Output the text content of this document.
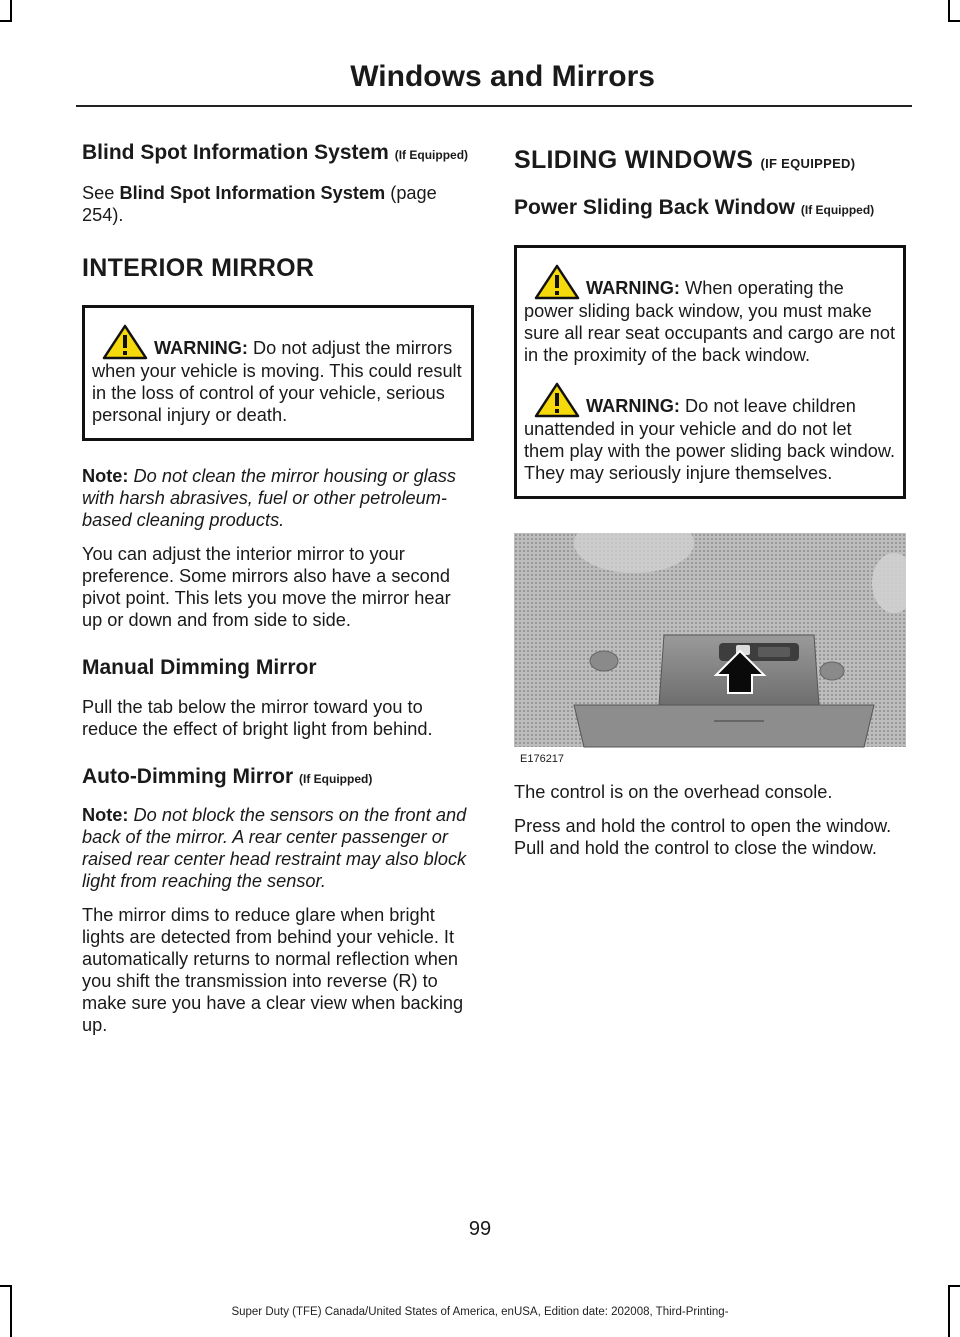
Windows and Mirrors
Blind Spot Information System (If Equipped)

See Blind Spot Information System (page 254).

INTERIOR MIRROR

WARNING: Do not adjust the mirrors when your vehicle is moving. This could result in the loss of control of your vehicle, serious personal injury or death.

Note: Do not clean the mirror housing or glass with harsh abrasives, fuel or other petroleum-based cleaning products.

You can adjust the interior mirror to your preference. Some mirrors also have a second pivot point. This lets you move the mirror hear up or down and from side to side.

Manual Dimming Mirror

Pull the tab below the mirror toward you to reduce the effect of bright light from behind.

Auto-Dimming Mirror (If Equipped)

Note: Do not block the sensors on the front and back of the mirror. A rear center passenger or raised rear center head restraint may also block light from reaching the sensor.

The mirror dims to reduce glare when bright lights are detected from behind your vehicle. It automatically returns to normal reflection when you shift the transmission into reverse (R) to make sure you have a clear view when backing up.

SLIDING WINDOWS (IF EQUIPPED)
Power Sliding Back Window (If Equipped)

WARNING: When operating the power sliding back window, you must make sure all rear seat occupants and cargo are not in the proximity of the back window.

WARNING: Do not leave children unattended in your vehicle and do not let them play with the power sliding back window. They may seriously injure themselves.

E176217

The control is on the overhead console.

Press and hold the control to open the window. Pull and hold the control to close the window.

99
Super Duty (TFE) Canada/United States of America, enUSA, Edition date: 202008, Third-Printing-
